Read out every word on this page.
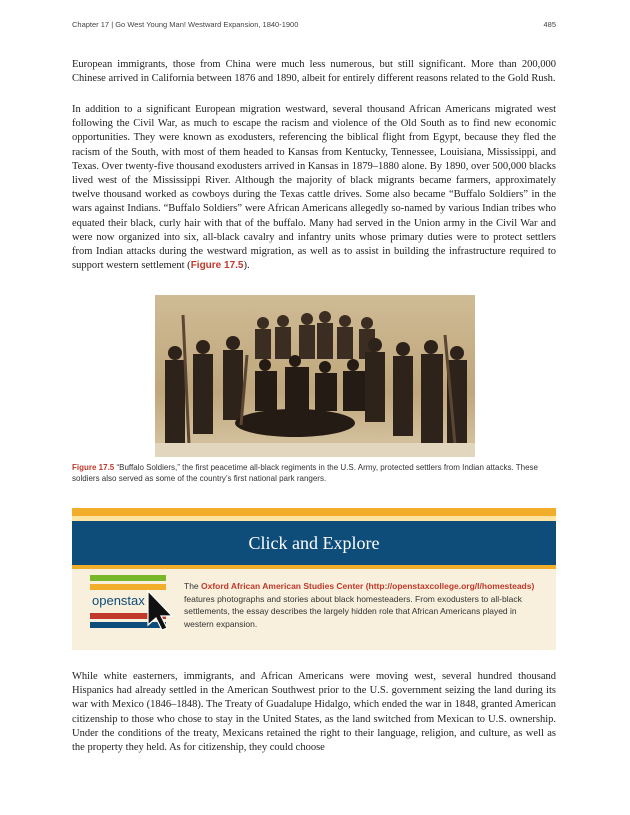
Chapter 17 | Go West Young Man! Westward Expansion, 1840-1900	485

European immigrants, those from China were much less numerous, but still significant. More than 200,000 Chinese arrived in California between 1876 and 1890, albeit for entirely different reasons related to the Gold Rush.

In addition to a significant European migration westward, several thousand African Americans migrated west following the Civil War, as much to escape the racism and violence of the Old South as to find new economic opportunities. They were known as exodusters, referencing the biblical flight from Egypt, because they fled the racism of the South, with most of them headed to Kansas from Kentucky, Tennessee, Louisiana, Mississippi, and Texas. Over twenty-five thousand exodusters arrived in Kansas in 1879–1880 alone. By 1890, over 500,000 blacks lived west of the Mississippi River. Although the majority of black migrants became farmers, approximately twelve thousand worked as cowboys during the Texas cattle drives. Some also became “Buffalo Soldiers” in the wars against Indians. “Buffalo Soldiers” were African Americans allegedly so-named by various Indian tribes who equated their black, curly hair with that of the buffalo. Many had served in the Union army in the Civil War and were now organized into six, all-black cavalry and infantry units whose primary duties were to protect settlers from Indian attacks during the westward migration, as well as to assist in building the infrastructure required to support western settlement (Figure 17.5).

Figure 17.5 “Buffalo Soldiers,” the first peacetime all-black regiments in the U.S. Army, protected settlers from Indian attacks. These soldiers also served as some of the country’s first national park rangers.

Click and Explore
openstax

The Oxford African American Studies Center (http://openstaxcollege.org/l/homesteads) features photographs and stories about black homesteaders. From exodusters to all-black settlements, the essay describes the largely hidden role that African Americans played in western expansion.

While white easterners, immigrants, and African Americans were moving west, several hundred thousand Hispanics had already settled in the American Southwest prior to the U.S. government seizing the land during its war with Mexico (1846–1848). The Treaty of Guadalupe Hidalgo, which ended the war in 1848, granted American citizenship to those who chose to stay in the United States, as the land switched from Mexican to U.S. ownership. Under the conditions of the treaty, Mexicans retained the right to their language, religion, and culture, as well as the property they held. As for citizenship, they could choose
